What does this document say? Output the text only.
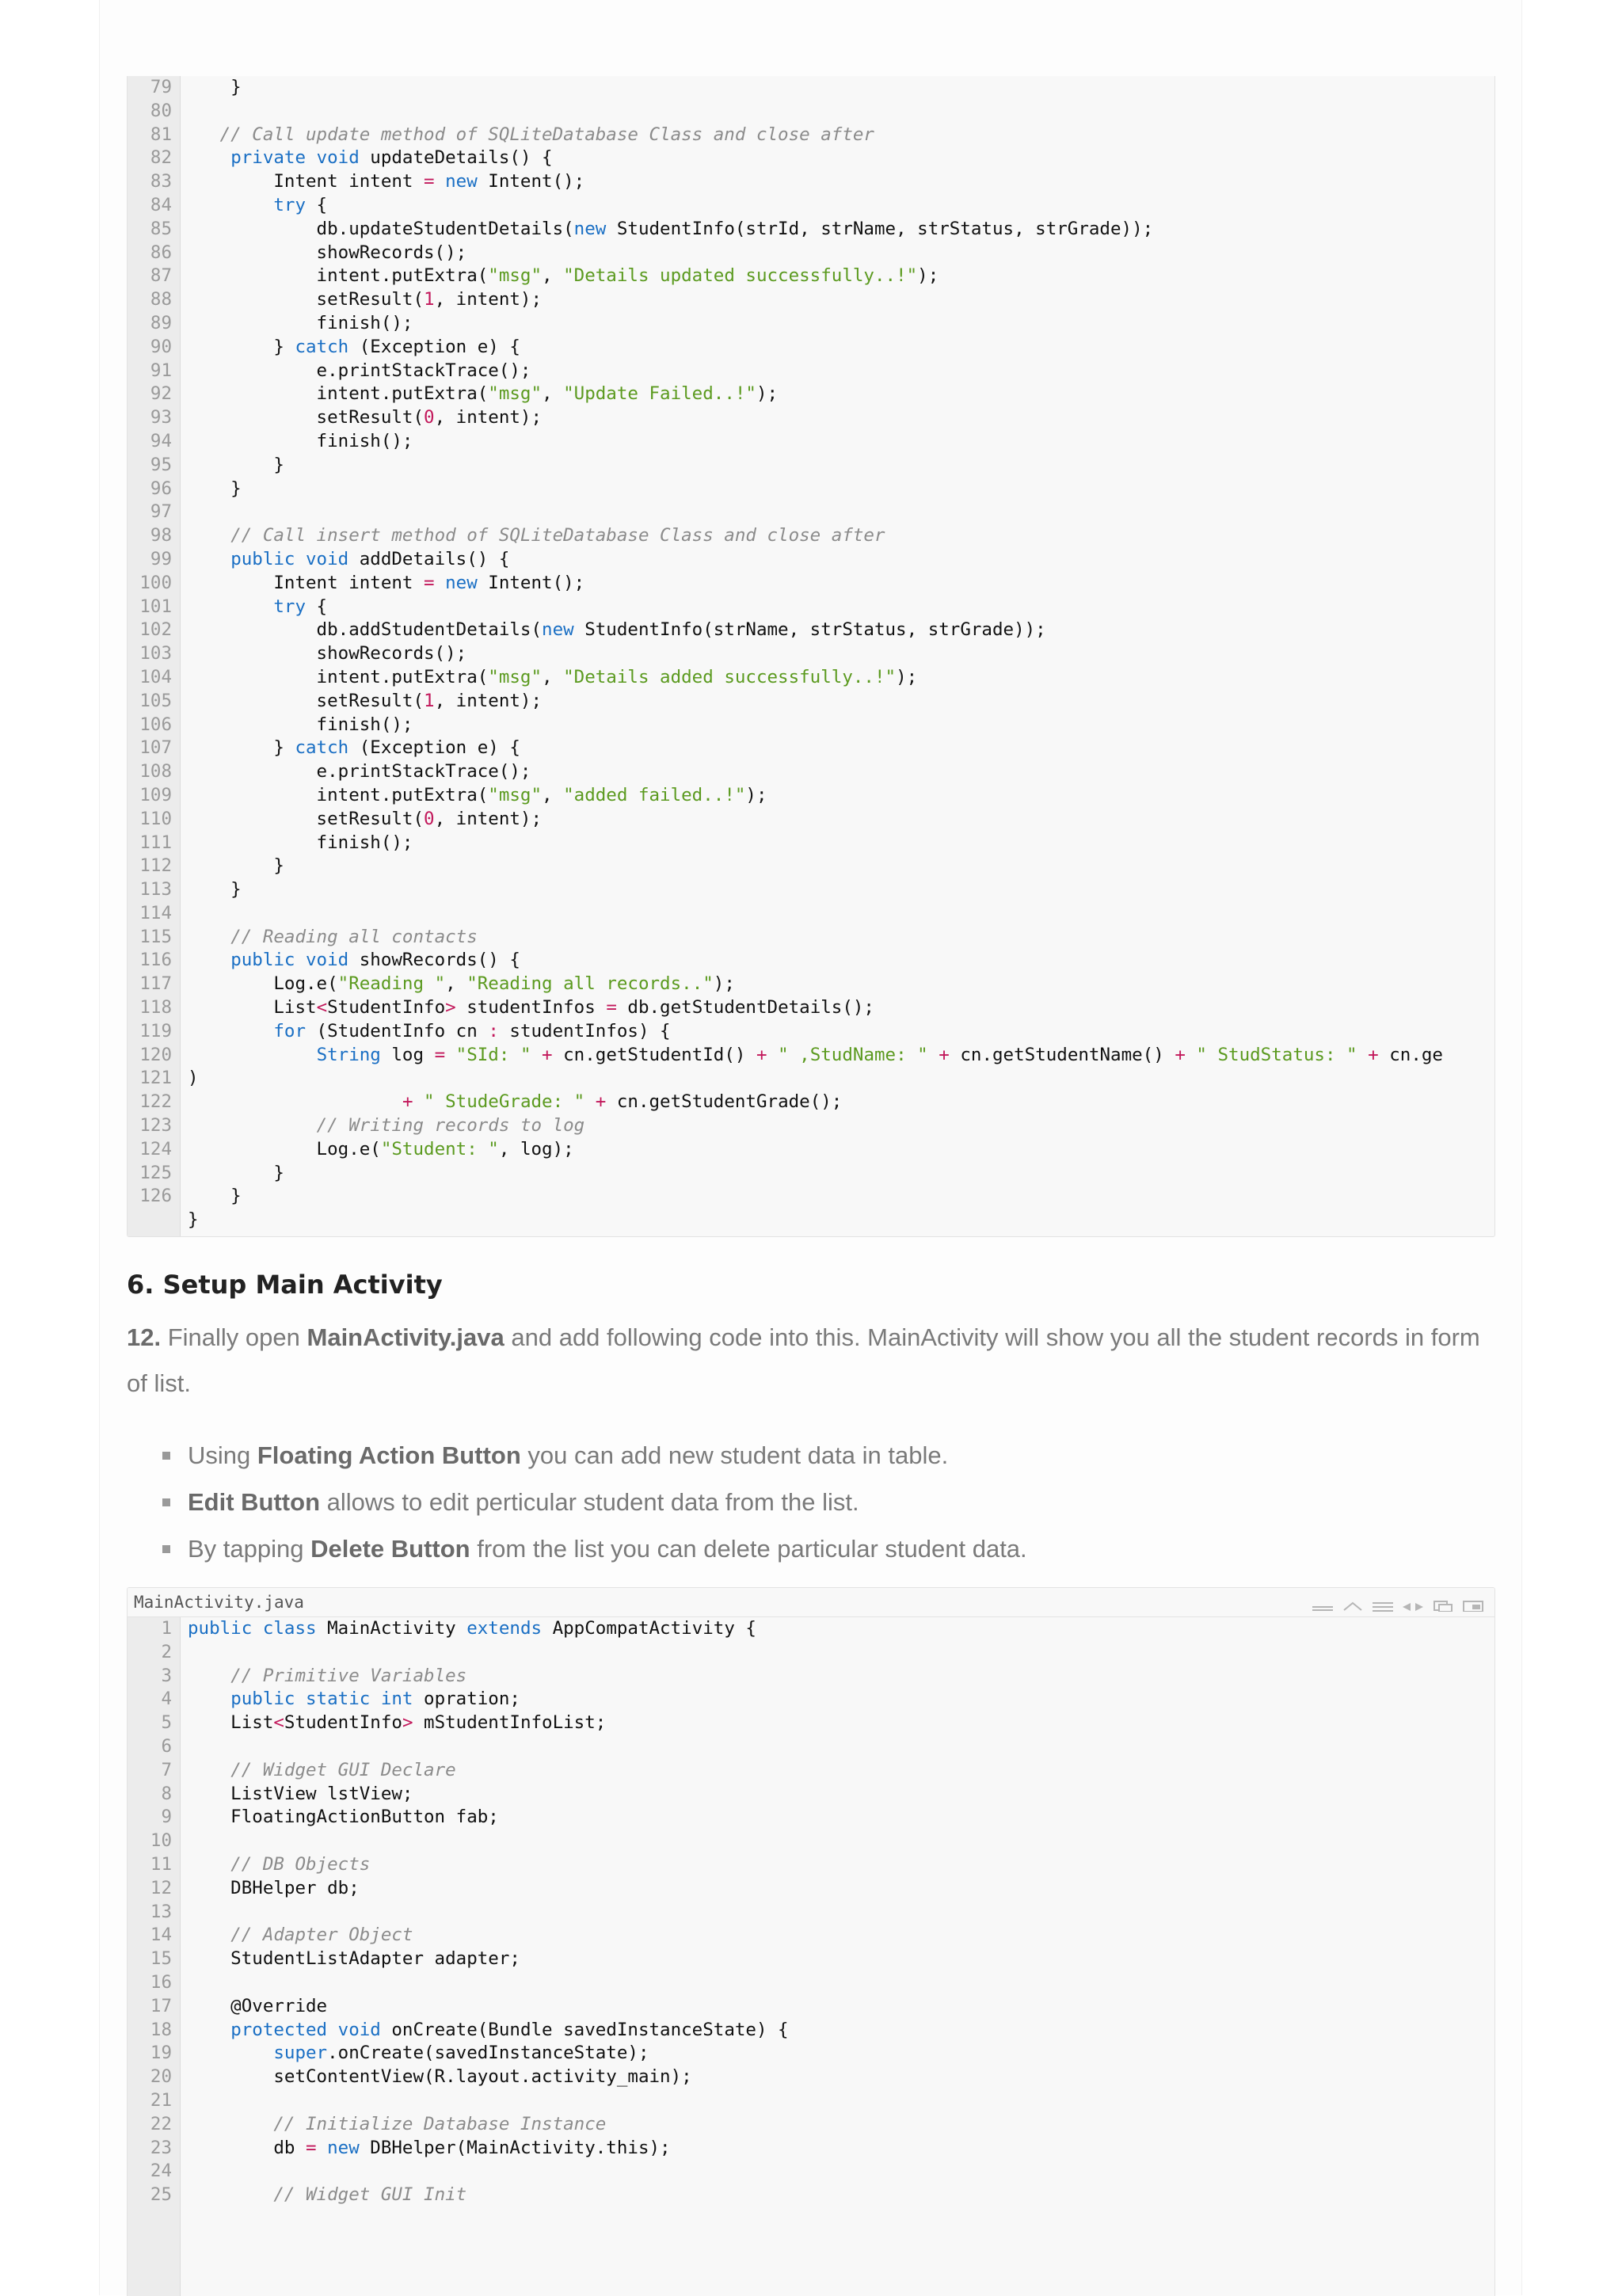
79 }
80
81	// Call update method of SQLiteDatabase Class and close after
82	private void updateDetails() {
83 Intent intent = new Intent();
84	try {
85 db.updateStudentDetails(new StudentInfo(strId, strName, strStatus, strGrade));
86 showRecords();
87 intent.putExtra("msg", "Details updated successfully..!");
88 setResult(1, intent);
89 finish();
90 } catch (Exception e) {
91 e.printStackTrace();
92 intent.putExtra("msg", "Update Failed..!");
93 setResult(0, intent);
94 finish();
95 }
96 }
97
98	// Call insert method of SQLiteDatabase Class and close after
99	public void addDetails() {
100 Intent intent = new Intent();
101	try {
102 db.addStudentDetails(new StudentInfo(strName, strStatus, strGrade));
103 showRecords();
104 intent.putExtra("msg", "Details added successfully..!");
105 setResult(1, intent);
106 finish();
107 } catch (Exception e) {
108 e.printStackTrace();
109 intent.putExtra("msg", "added failed..!");
110 setResult(0, intent);
111 finish();
112 }
113 }
114
115	// Reading all contacts
116	public void showRecords() {
117 Log.e("Reading ", "Reading all records..");
118 List<StudentInfo> studentInfos = db.getStudentDetails();
119	for (StudentInfo cn : studentInfos) {
120	String log = "SId: " + cn.getStudentId() + " ,StudName: " + cn.getStudentName() + " StudStatus: " + cn.ge
121 )
122	+ " StudeGrade: " + cn.getStudentGrade();
123	// Writing records to log
124 Log.e("Student: ", log);
125 }
126 }
}
6. Setup Main Activity
12. Finally open MainActivity.java and add following code into this. MainActivity will show you all the student records in form of list.
Using Floating Action Button you can add new student data in table.
Edit Button allows to edit perticular student data from the list.
By tapping Delete Button from the list you can delete particular student data.
MainActivity.java
1 public class MainActivity extends AppCompatActivity {
2
3	// Primitive Variables
4	public static int opration;
5 List<StudentInfo> mStudentInfoList;
6
7	// Widget GUI Declare
8 ListView lstView;
9 FloatingActionButton fab;
10
11	// DB Objects
12 DBHelper db;
13
14	// Adapter Object
15 StudentListAdapter adapter;
16
17 @Override
18	protected void onCreate(Bundle savedInstanceState) {
19	super.onCreate(savedInstanceState);
20 setContentView(R.layout.activity_main);
21
22	// Initialize Database Instance
23 db = new DBHelper(MainActivity.this);
24
25	// Widget GUI Init
